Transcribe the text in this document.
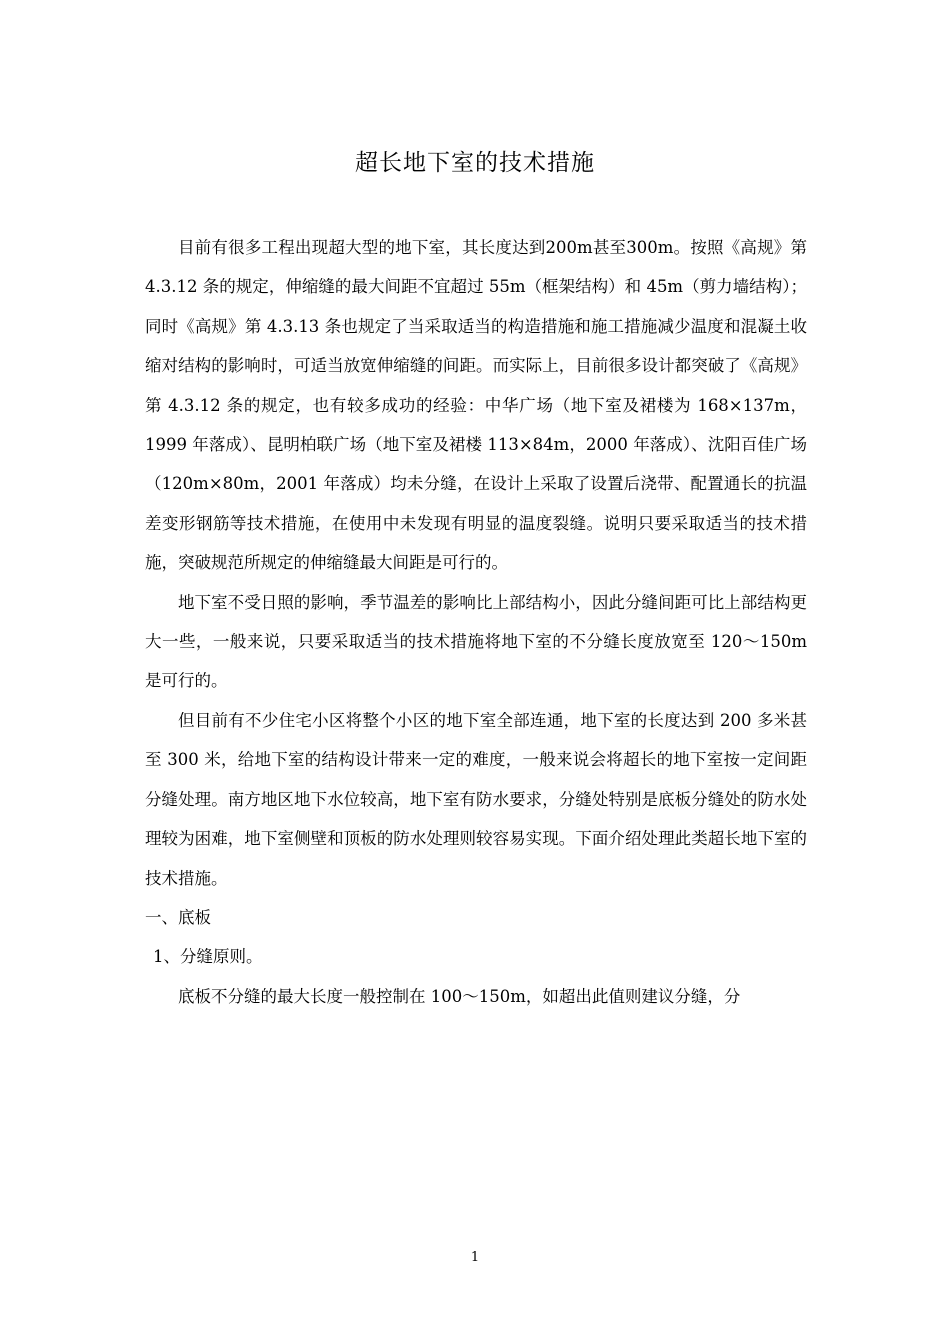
超长地下室的技术措施

目前有很多工程出现超大型的地下室，其长度达到200m甚至300m。按照《高规》第 4.3.12 条的规定，伸缩缝的最大间距不宜超过 55m（框架结构）和 45m（剪力墙结构）；同时《高规》第 4.3.13 条也规定了当采取适当的构造措施和施工措施减少温度和混凝土收缩对结构的影响时，可适当放宽伸缩缝的间距。而实际上，目前很多设计都突破了《高规》第 4.3.12 条的规定，也有较多成功的经验：中华广场（地下室及裙楼为 168×137m，1999 年落成）、昆明柏联广场（地下室及裙楼 113×84m，2000 年落成）、沈阳百佳广场（120m×80m，2001 年落成）均未分缝，在设计上采取了设置后浇带、配置通长的抗温差变形钢筋等技术措施，在使用中未发现有明显的温度裂缝。说明只要采取适当的技术措施，突破规范所规定的伸缩缝最大间距是可行的。

地下室不受日照的影响，季节温差的影响比上部结构小，因此分缝间距可比上部结构更大一些，一般来说，只要采取适当的技术措施将地下室的不分缝长度放宽至 120～150m 是可行的。

但目前有不少住宅小区将整个小区的地下室全部连通，地下室的长度达到 200 多米甚至 300 米，给地下室的结构设计带来一定的难度，一般来说会将超长的地下室按一定间距分缝处理。南方地区地下水位较高，地下室有防水要求，分缝处特别是底板分缝处的防水处理较为困难，地下室侧壁和顶板的防水处理则较容易实现。下面介绍处理此类超长地下室的技术措施。

一、底板

1、分缝原则。

底板不分缝的最大长度一般控制在 100～150m，如超出此值则建议分缝，分

1
